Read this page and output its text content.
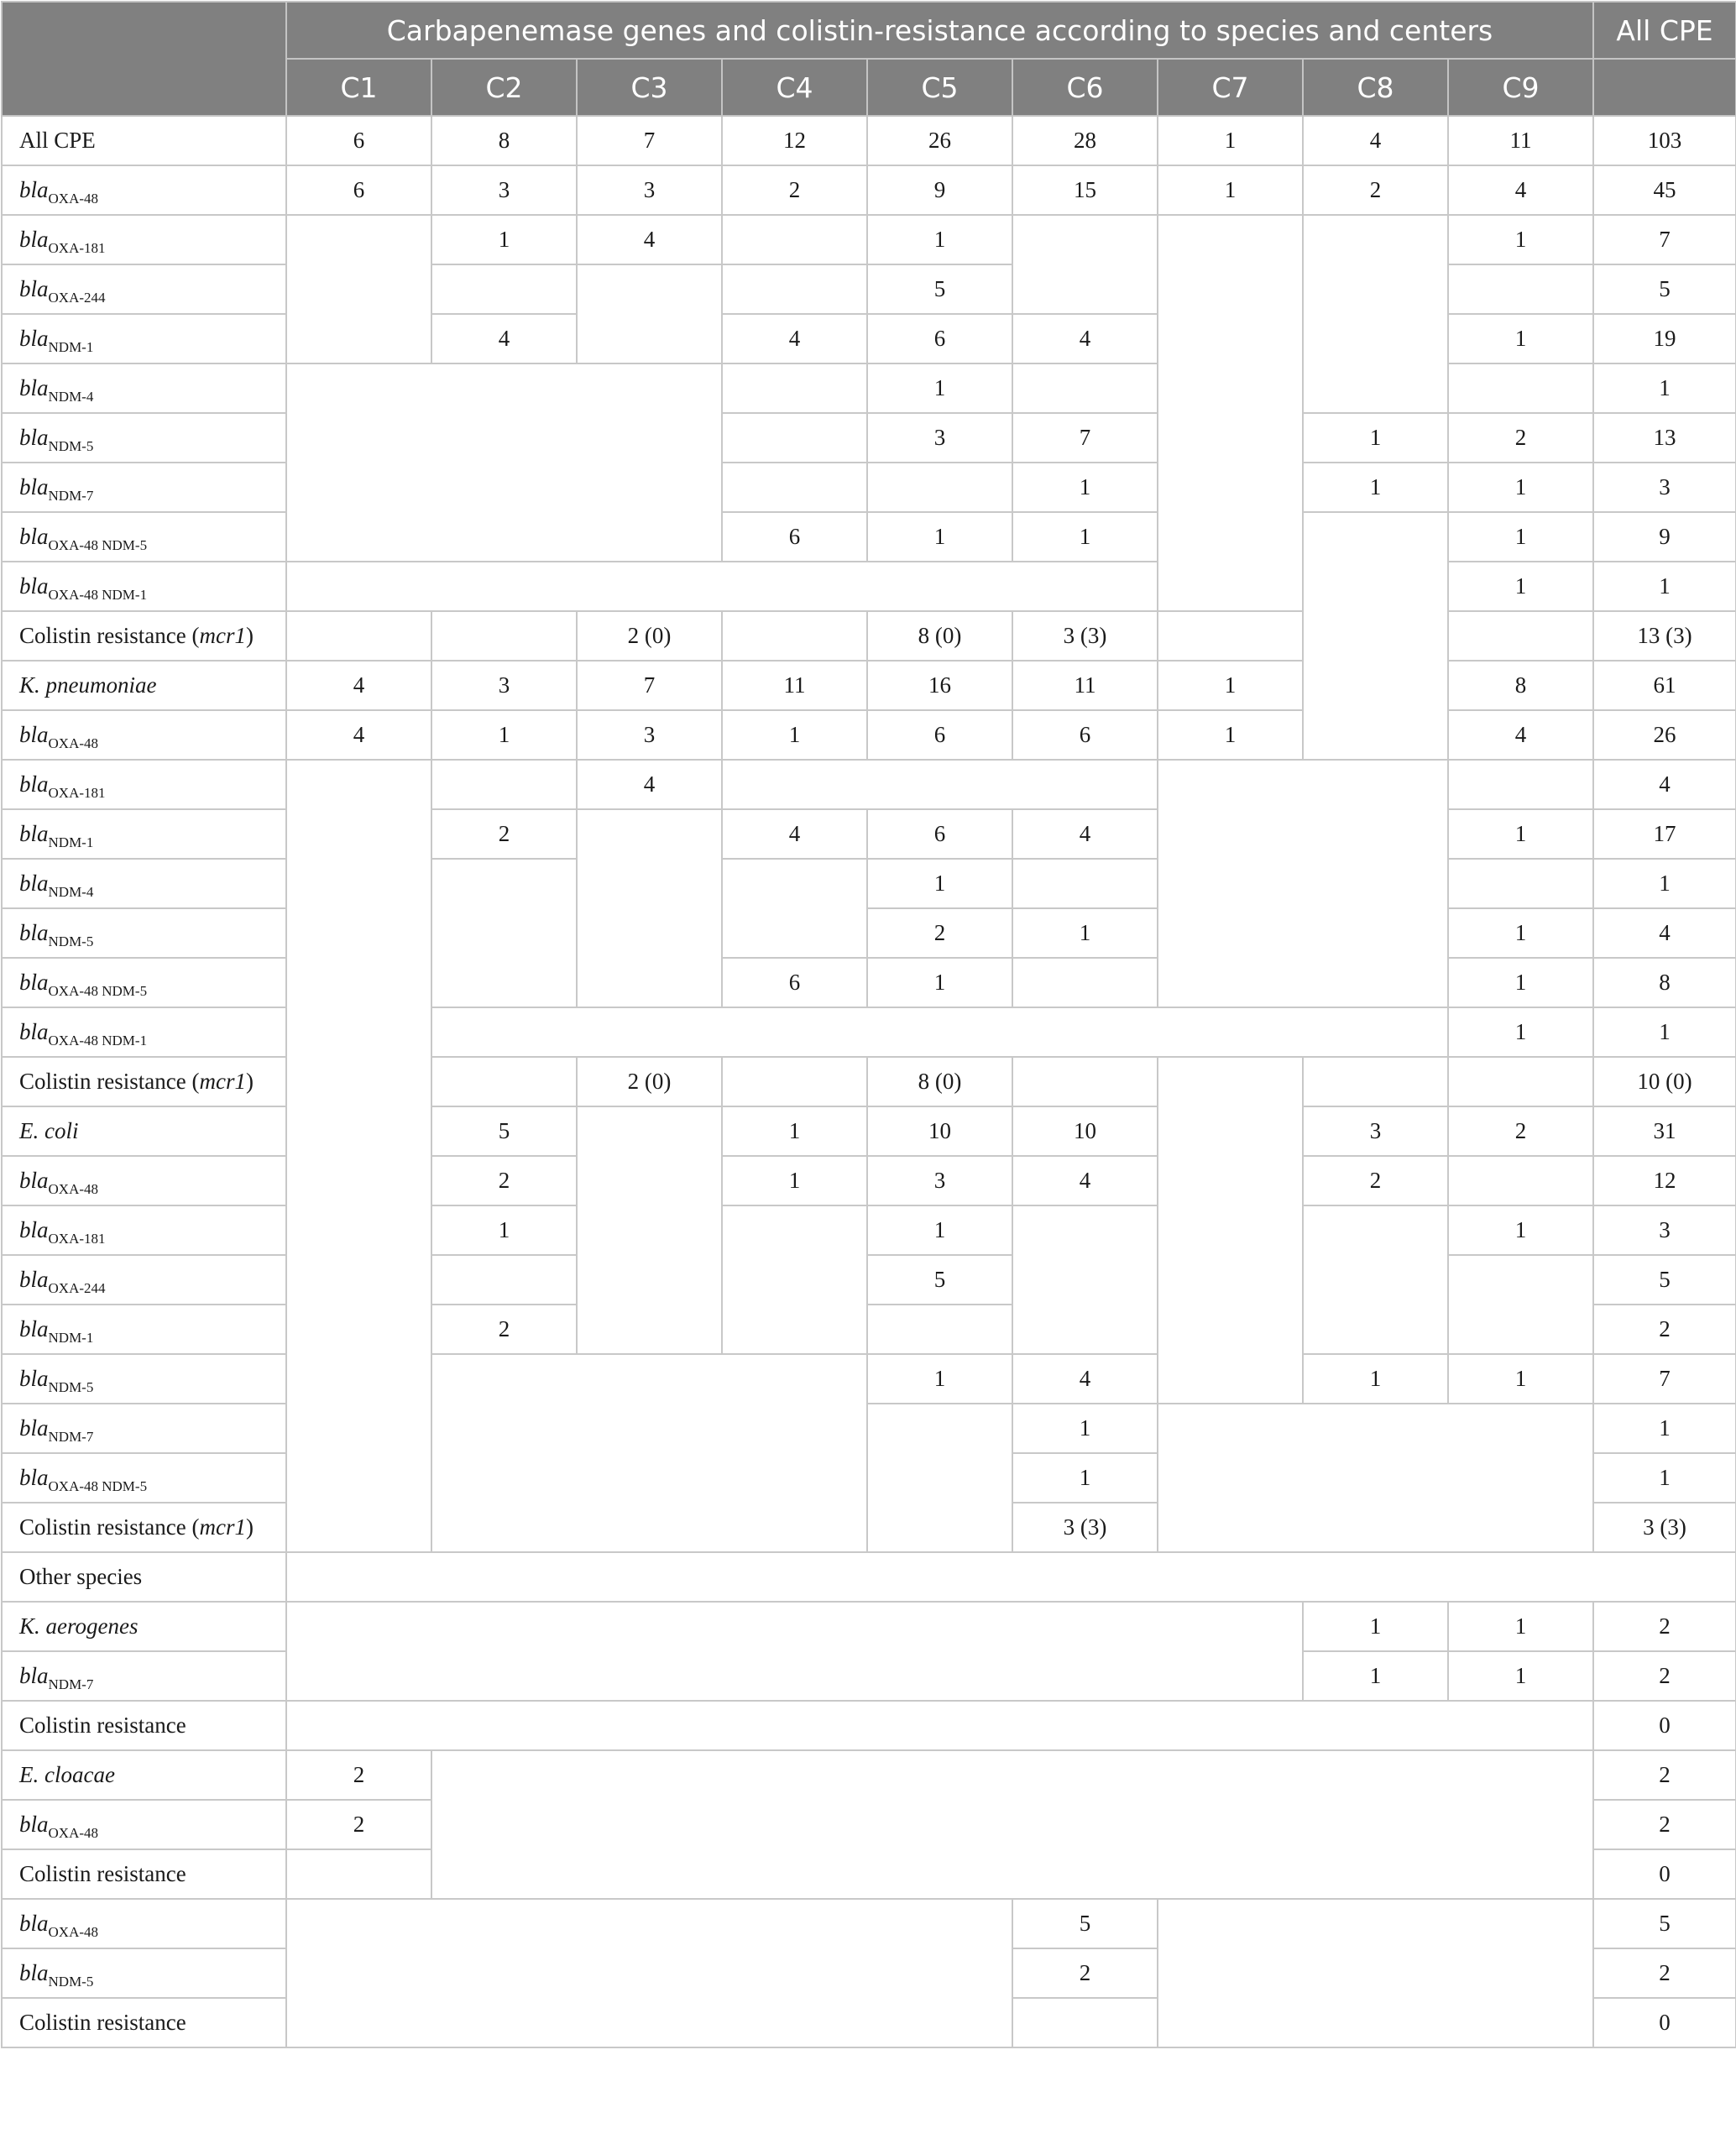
	Carbapenemase genes and colistin-resistance according to species and centers									All CPE
	C1	C2	C3	C4	C5	C6	C7	C8	C9	
All CPE	6	8	7	12	26	28	1	4	11	103
bla$_{OXA-48}$	6	3	3	2	9	15	1	2	4	45
bla$_{OXA-181}$		1	4		1				1	7
bla$_{OXA-244}$					5					5
bla$_{NDM-1}$		4		4	6	4			1	19
bla$_{NDM-4}$					1					1
bla$_{NDM-5}$					3	7		1	2	13
bla$_{NDM-7}$						1		1	1	3
bla$_{OXA-48 NDM-5}$				6	1	1			1	9
bla$_{OXA-48 NDM-1}$									1	1
Colistin resistance (mcr1)			2 (0)		8 (0)	3 (3)				13 (3)
K. pneumoniae	4	3	7	11	16	11	1		8	61
bla$_{OXA-48}$	4	1	3	1	6	6	1		4	26
bla$_{OXA-181}$			4							4
bla$_{NDM-1}$		2		4	6	4			1	17
bla$_{NDM-4}$					1					1
bla$_{NDM-5}$					2	1			1	4
bla$_{OXA-48 NDM-5}$				6	1				1	8
bla$_{OXA-48 NDM-1}$									1	1
Colistin resistance (mcr1)			2 (0)		8 (0)					10 (0)
E. coli		5		1	10	10		3	2	31
bla$_{OXA-48}$		2		1	3	4		2		12
bla$_{OXA-181}$		1			1				1	3
bla$_{OXA-244}$					5					5
bla$_{NDM-1}$		2								2
bla$_{NDM-5}$					1	4		1	1	7
bla$_{NDM-7}$						1				1
bla$_{OXA-48 NDM-5}$						1				1
Colistin resistance (mcr1)						3 (3)				3 (3)
Other species										
K. aerogenes								1	1	2
bla$_{NDM-7}$								1	1	2
Colistin resistance										0
E. cloacae	2									2
bla$_{OXA-48}$	2									2
Colistin resistance										0
bla$_{OXA-48}$						5				5
bla$_{NDM-5}$						2				2
Colistin resistance										0
